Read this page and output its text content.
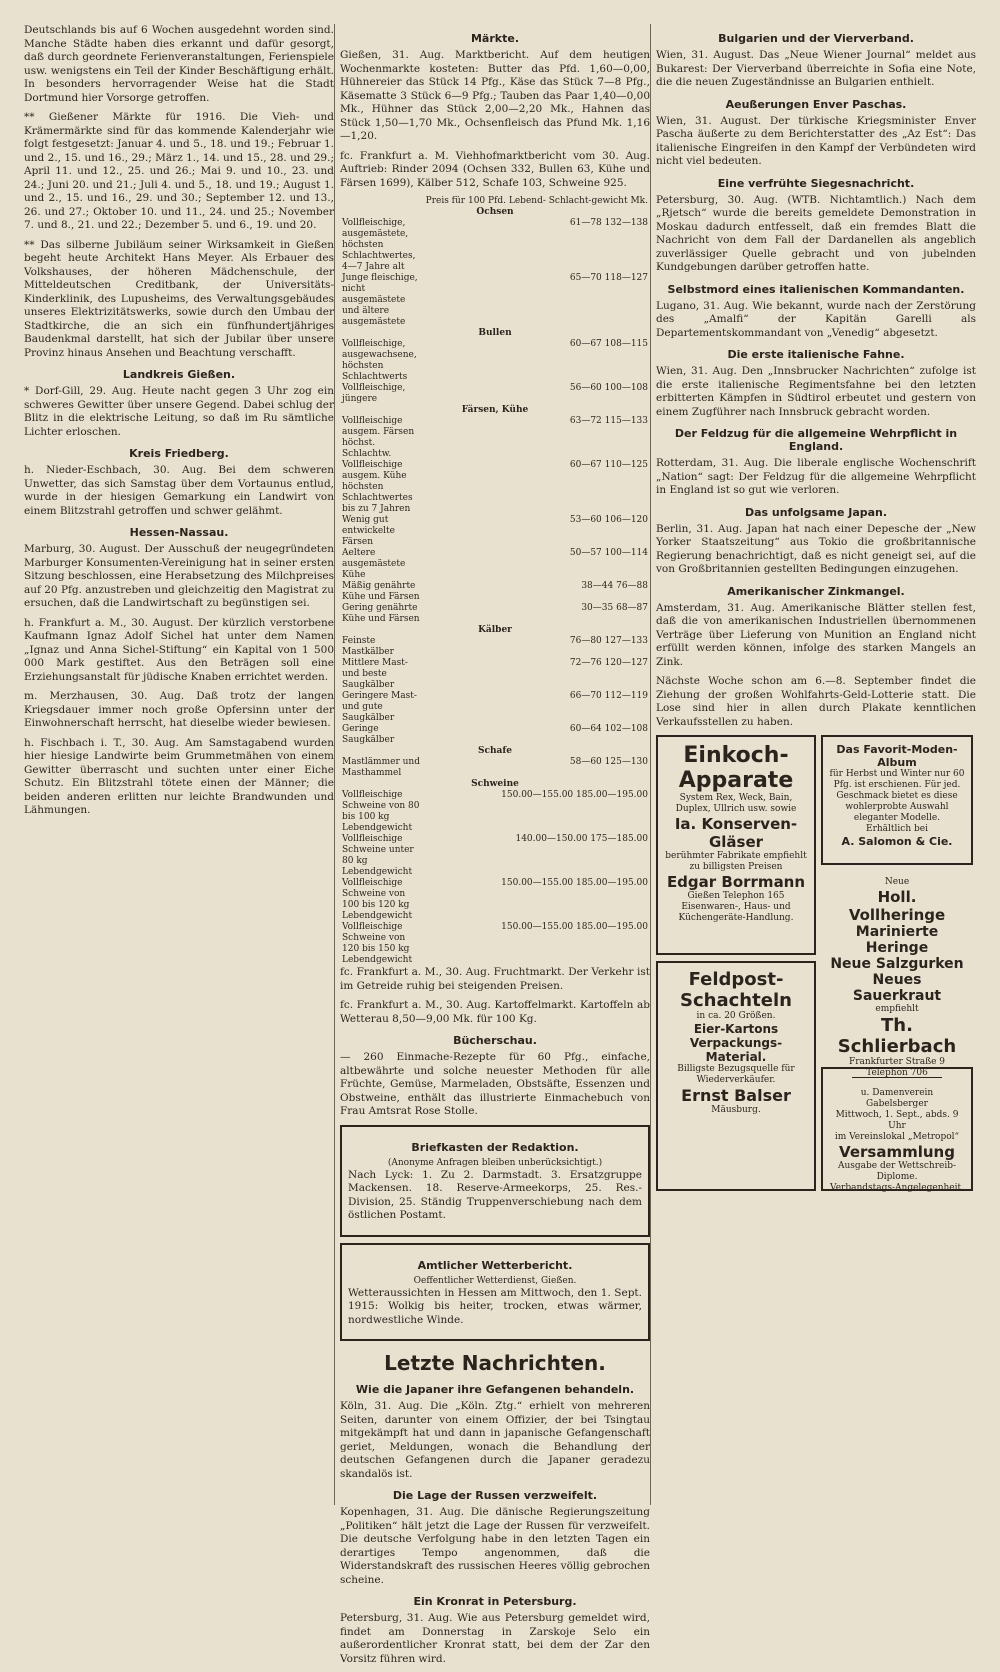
Deutschlands bis auf 6 Wochen ausgedehnt worden sind. Manche Städte haben dies erkannt und dafür gesorgt, daß durch geordnete Ferienveranstaltungen, Ferienspiele usw. wenigstens ein Teil der Kinder Beschäftigung erhält. In besonders hervorragender Weise hat die Stadt Dortmund hier Vorsorge getroffen.

** Gießener Märkte für 1916. Die Vieh- und Krämermärkte sind für das kommende Kalenderjahr wie folgt festgesetzt: Januar 4. und 5., 18. und 19.; Februar 1. und 2., 15. und 16., 29.; März 1., 14. und 15., 28. und 29.; April 11. und 12., 25. und 26.; Mai 9. und 10., 23. und 24.; Juni 20. und 21.; Juli 4. und 5., 18. und 19.; August 1. und 2., 15. und 16., 29. und 30.; September 12. und 13., 26. und 27.; Oktober 10. und 11., 24. und 25.; November 7. und 8., 21. und 22.; Dezember 5. und 6., 19. und 20.

** Das silberne Jubiläum seiner Wirksamkeit in Gießen begeht heute Architekt Hans Meyer. Als Erbauer des Volkshauses, der höheren Mädchenschule, der Mitteldeutschen Creditbank, der Universitäts-Kinderklinik, des Lupusheims, des Verwaltungsgebäudes unseres Elektrizitätswerks, sowie durch den Umbau der Stadtkirche, die an sich ein fünfhundertjähriges Baudenkmal darstellt, hat sich der Jubilar über unsere Provinz hinaus Ansehen und Beachtung verschafft.

Landkreis Gießen.

* Dorf-Gill, 29. Aug. Heute nacht gegen 3 Uhr zog ein schweres Gewitter über unsere Gegend. Dabei schlug der Blitz in die elektrische Leitung, so daß im Ru sämtliche Lichter erloschen.

Kreis Friedberg.

h. Nieder-Eschbach, 30. Aug. Bei dem schweren Unwetter, das sich Samstag über dem Vortaunus entlud, wurde in der hiesigen Gemarkung ein Landwirt von einem Blitzstrahl getroffen und schwer gelähmt.

Hessen-Nassau.

Marburg, 30. August. Der Ausschuß der neugegründeten Marburger Konsumenten-Vereinigung hat in seiner ersten Sitzung beschlossen, eine Herabsetzung des Milchpreises auf 20 Pfg. anzustreben und gleichzeitig den Magistrat zu ersuchen, daß die Landwirtschaft zu begünstigen sei.

h. Frankfurt a. M., 30. August. Der kürzlich verstorbene Kaufmann Ignaz Adolf Sichel hat unter dem Namen „Ignaz und Anna Sichel-Stiftung“ ein Kapital von 1 500 000 Mark gestiftet. Aus den Beträgen soll eine Erziehungsanstalt für jüdische Knaben errichtet werden.

m. Merzhausen, 30. Aug. Daß trotz der langen Kriegsdauer immer noch große Opfersinn unter der Einwohnerschaft herrscht, hat dieselbe wieder bewiesen.

h. Fischbach i. T., 30. Aug. Am Samstagabend wurden hier hiesige Landwirte beim Grummetmähen von einem Gewitter überrascht und suchten unter einer Eiche Schutz. Ein Blitzstrahl tötete einen der Männer; die beiden anderen erlitten nur leichte Brandwunden und Lähmungen.

Märkte.

Gießen, 31. Aug. Marktbericht. Auf dem heutigen Wochenmarkte kosteten: Butter das Pfd. 1,60—0,00, Hühnereier das Stück 14 Pfg., Käse das Stück 7—8 Pfg., Käsematte 3 Stück 6—9 Pfg.; Tauben das Paar 1,40—0,00 Mk., Hühner das Stück 2,00—2,20 Mk., Hahnen das Stück 1,50—1,70 Mk., Ochsenfleisch das Pfund Mk. 1,16—1,20.

fc. Frankfurt a. M. Viehhofmarktbericht vom 30. Aug. Auftrieb: Rinder 2094 (Ochsen 332, Bullen 63, Kühe und Färsen 1699), Kälber 512, Schafe 103, Schweine 925.

	Preis für 100 Pfd. Lebend- Schlacht-gewicht Mk.
Ochsen	
Vollfleischige, ausgemästete, höchsten Schlachtwertes, 4—7 Jahre alt	61—78 132—138
Junge fleischige, nicht ausgemästete und ältere ausgemästete	65—70 118—127
Bullen	
Vollfleischige, ausgewachsene, höchsten Schlachtwerts	60—67 108—115
Vollfleischige, jüngere	56—60 100—108
Färsen, Kühe	
Vollfleischige ausgem. Färsen höchst. Schlachtw.	63—72 115—133
Vollfleischige ausgem. Kühe höchsten Schlachtwertes bis zu 7 Jahren	60—67 110—125
Wenig gut entwickelte Färsen	53—60 106—120
Aeltere ausgemästete Kühe	50—57 100—114
Mäßig genährte Kühe und Färsen	38—44 76—88
Gering genährte Kühe und Färsen	30—35 68—87
Kälber	
Feinste Mastkälber	76—80 127—133
Mittlere Mast- und beste Saugkälber	72—76 120—127
Geringere Mast- und gute Saugkälber	66—70 112—119
Geringe Saugkälber	60—64 102—108
Schafe	
Mastlämmer und Masthammel	58—60 125—130
Schweine	
Vollfleischige Schweine von 80 bis 100 kg Lebendgewicht	150.00—155.00 185.00—195.00
Vollfleischige Schweine unter 80 kg Lebendgewicht	140.00—150.00 175—185.00
Vollfleischige Schweine von 100 bis 120 kg Lebendgewicht	150.00—155.00 185.00—195.00
Vollfleischige Schweine von 120 bis 150 kg Lebendgewicht	150.00—155.00 185.00—195.00

fc. Frankfurt a. M., 30. Aug. Fruchtmarkt. Der Verkehr ist im Getreide ruhig bei steigenden Preisen.

fc. Frankfurt a. M., 30. Aug. Kartoffelmarkt. Kartoffeln ab Wetterau 8,50—9,00 Mk. für 100 Kg.

Bücherschau.

— 260 Einmache-Rezepte für 60 Pfg., einfache, altbewährte und solche neuester Methoden für alle Früchte, Gemüse, Marmeladen, Obstsäfte, Essenzen und Obstweine, enthält das illustrierte Einmachebuch von Frau Amtsrat Rose Stolle.

Briefkasten der Redaktion.
(Anonyme Anfragen bleiben unberücksichtigt.)

Nach Lyck: 1. Zu 2. Darmstadt. 3. Ersatzgruppe Mackensen. 18. Reserve-Armeekorps, 25. Res.-Division, 25. Ständig Truppenverschiebung nach dem östlichen Postamt.

Amtlicher Wetterbericht.
Oeffentlicher Wetterdienst, Gießen.

Wetteraussichten in Hessen am Mittwoch, den 1. Sept. 1915: Wolkig bis heiter, trocken, etwas wärmer, nordwestliche Winde.

Letzte Nachrichten.
Wie die Japaner ihre Gefangenen behandeln.

Köln, 31. Aug. Die „Köln. Ztg.“ erhielt von mehreren Seiten, darunter von einem Offizier, der bei Tsingtau mitgekämpft hat und dann in japanische Gefangenschaft geriet, Meldungen, wonach die Behandlung der deutschen Gefangenen durch die Japaner geradezu skandalös ist.

Die Lage der Russen verzweifelt.

Kopenhagen, 31. Aug. Die dänische Regierungszeitung „Politiken“ hält jetzt die Lage der Russen für verzweifelt. Die deutsche Verfolgung habe in den letzten Tagen ein derartiges Tempo angenommen, daß die Widerstandskraft des russischen Heeres völlig gebrochen scheine.

Ein Kronrat in Petersburg.

Petersburg, 31. Aug. Wie aus Petersburg gemeldet wird, findet am Donnerstag in Zarskoje Selo ein außerordentlicher Kronrat statt, bei dem der Zar den Vorsitz führen wird.

Bulgarien und der Vierverband.

Wien, 31. August. Das „Neue Wiener Journal“ meldet aus Bukarest: Der Vierverband überreichte in Sofia eine Note, die die neuen Zugeständnisse an Bulgarien enthielt.

Aeußerungen Enver Paschas.

Wien, 31. August. Der türkische Kriegsminister Enver Pascha äußerte zu dem Berichterstatter des „Az Est“: Das italienische Eingreifen in den Kampf der Verbündeten wird nicht viel bedeuten.

Eine verfrühte Siegesnachricht.

Petersburg, 30. Aug. (WTB. Nichtamtlich.) Nach dem „Rjetsch“ wurde die bereits gemeldete Demonstration in Moskau dadurch entfesselt, daß ein fremdes Blatt die Nachricht von dem Fall der Dardanellen als angeblich zuverlässiger Quelle gebracht und von jubelnden Kundgebungen darüber getroffen hatte.

Selbstmord eines italienischen Kommandanten.

Lugano, 31. Aug. Wie bekannt, wurde nach der Zerstörung des „Amalfi“ der Kapitän Garelli als Departementskommandant von „Venedig“ abgesetzt.

Die erste italienische Fahne.

Wien, 31. Aug. Den „Innsbrucker Nachrichten“ zufolge ist die erste italienische Regimentsfahne bei den letzten erbitterten Kämpfen in Südtirol erbeutet und gestern von einem Zugführer nach Innsbruck gebracht worden.

Der Feldzug für die allgemeine Wehrpflicht in England.

Rotterdam, 31. Aug. Die liberale englische Wochenschrift „Nation“ sagt: Der Feldzug für die allgemeine Wehrpflicht in England ist so gut wie verloren.

Das unfolgsame Japan.

Berlin, 31. Aug. Japan hat nach einer Depesche der „New Yorker Staatszeitung“ aus Tokio die großbritannische Regierung benachrichtigt, daß es nicht geneigt sei, auf die von Großbritannien gestellten Bedingungen einzugehen.

Amerikanischer Zinkmangel.

Amsterdam, 31. Aug. Amerikanische Blätter stellen fest, daß die von amerikanischen Industriellen übernommenen Verträge über Lieferung von Munition an England nicht erfüllt werden können, infolge des starken Mangels an Zink.

Nächste Woche schon am 6.—8. September findet die Ziehung der großen Wohlfahrts-Geld-Lotterie statt. Die Lose sind hier in allen durch Plakate kenntlichen Verkaufsstellen zu haben.

Einkoch-
Apparate
System Rex, Weck, Bain, Duplex, Ullrich usw. sowie
Ia. Konserven-
Gläser
berühmter Fabrikate empfiehlt zu billigsten Preisen
Edgar Borrmann
Gießen Telephon 165
Eisenwaren-, Haus- und Küchengeräte-Handlung.
Das Favorit-Moden-Album
für Herbst und Winter nur 60 Pfg. ist erschienen. Für jed. Geschmack bietet es diese wohlerprobte Auswahl eleganter Modelle.
Erhältlich bei
A. Salomon & Cie.
Neue
Holl. Vollheringe
Marinierte Heringe
Neue Salzgurken
Neues Sauerkraut
empfiehlt
Th. Schlierbach
Frankfurter Straße 9
Telephon 706
Feldpost-
Schachteln
in ca. 20 Größen.
Eier-Kartons
Verpackungs-Material.
Billigste Bezugsquelle für Wiederverkäufer.
Ernst Balser
Mäusburg.
u. Damenverein Gabelsberger
Mittwoch, 1. Sept., abds. 9 Uhr
im Vereinslokal „Metropol“
Versammlung
Ausgabe der Wettschreib-Diplome.
Verbandstags-Angelegenheit.
